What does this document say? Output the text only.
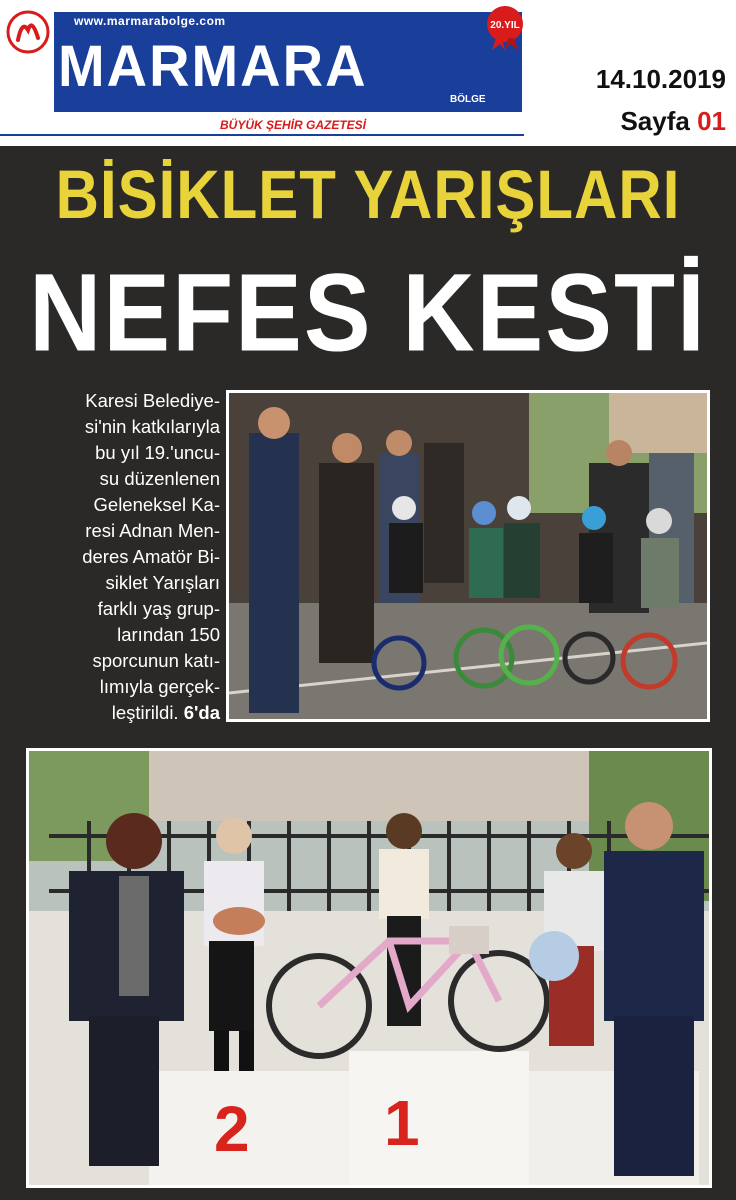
www.marmarabolge.com
MARMARA
BÖLGE
20.YIL
BÜYÜK ŞEHİR GAZETESİ
14.10.2019
Sayfa 01
BİSİKLET YARIŞLARI
NEFES KESTİ
Karesi Belediye-
si'nin katkılarıyla
bu yıl 19.'uncu-
su düzenlenen
Geleneksel Ka-
resi Adnan Men-
deres Amatör Bi-
siklet Yarışları
farklı yaş grup-
larından 150
sporcunun katı-
lımıyla gerçek-
leştirildi. 6'da
2 1
